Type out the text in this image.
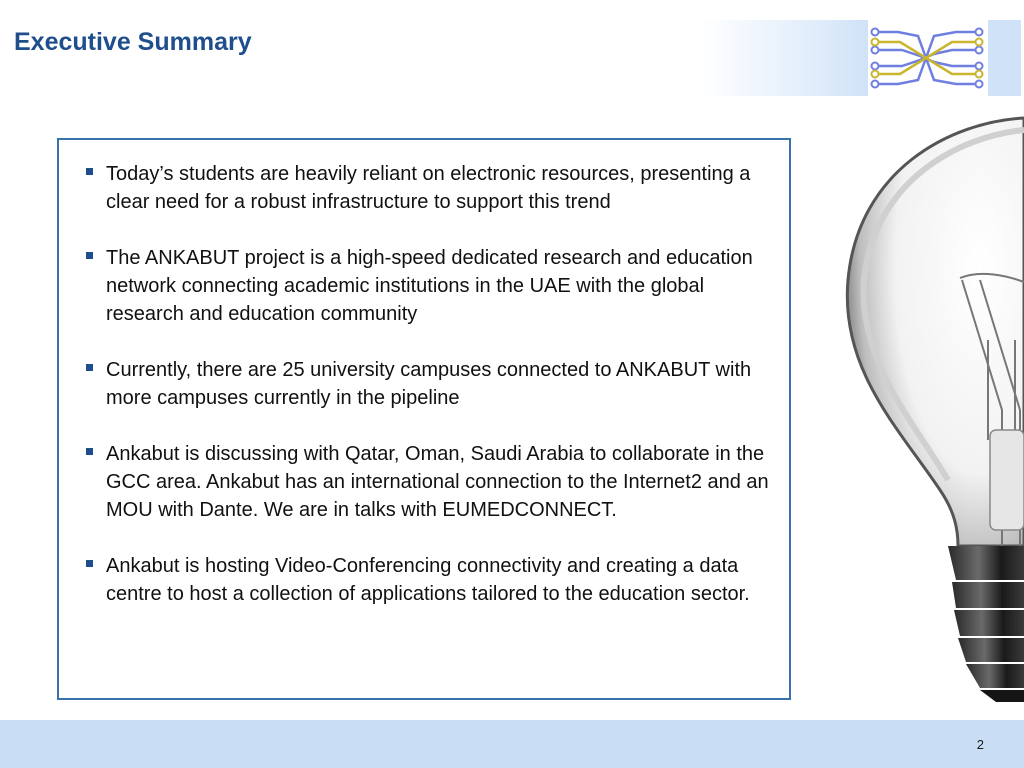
Executive Summary
Today’s students are heavily reliant on electronic resources, presenting a clear need for a robust infrastructure to support this trend
The ANKABUT project is a high-speed dedicated research and education network connecting academic institutions in the UAE with the global research and education community
Currently, there are 25 university campuses connected to ANKABUT with more campuses currently in the pipeline
Ankabut is discussing with Qatar, Oman, Saudi Arabia to collaborate in the GCC area. Ankabut has an international connection to the Internet2 and an MOU with Dante. We are in talks with EUMEDCONNECT.
Ankabut is hosting Video-Conferencing connectivity and creating a data centre to host a collection of applications tailored to the education sector.
2
